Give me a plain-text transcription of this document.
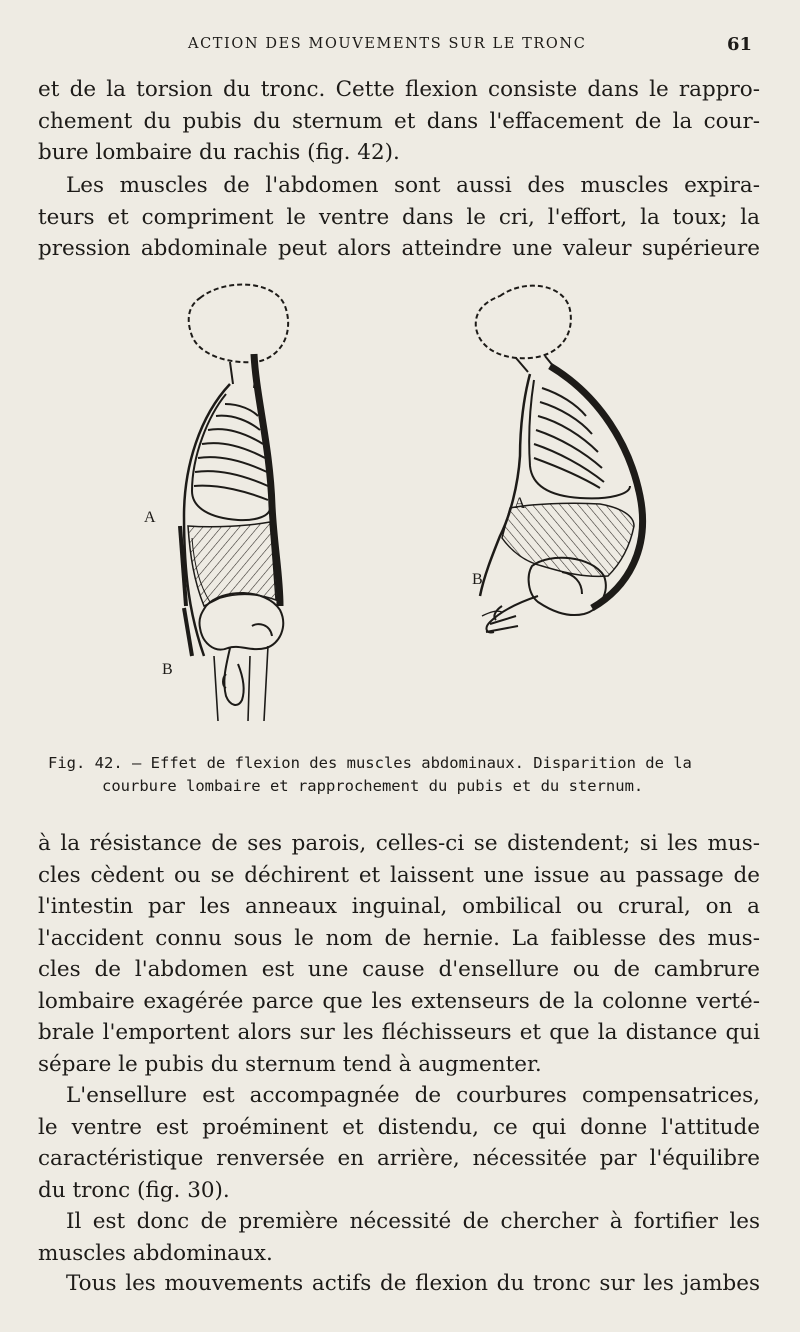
ACTION DES MOUVEMENTS SUR LE TRONC	61

et de la torsion du tronc. Cette flexion consiste dans le rappro-
chement du pubis du sternum et dans l'effacement de la cour-
bure lombaire du rachis (fig. 42).

Les muscles de l'abdomen sont aussi des muscles expira-
teurs et compriment le ventre dans le cri, l'effort, la toux; la
pression abdominale peut alors atteindre une valeur supérieure

A
B
A
B

Fig. 42. — Effet de flexion des muscles abdominaux. Disparition de la
courbure lombaire et rapprochement du pubis et du sternum.

à la résistance de ses parois, celles-ci se distendent; si les mus-
cles cèdent ou se déchirent et laissent une issue au passage de
l'intestin par les anneaux inguinal, ombilical ou crural, on a
l'accident connu sous le nom de hernie. La faiblesse des mus-
cles de l'abdomen est une cause d'ensellure ou de cambrure
lombaire exagérée parce que les extenseurs de la colonne verté-
brale l'emportent alors sur les fléchisseurs et que la distance qui
sépare le pubis du sternum tend à augmenter.

L'ensellure est accompagnée de courbures compensatrices,
le ventre est proéminent et distendu, ce qui donne l'attitude
caractéristique renversée en arrière, nécessitée par l'équilibre
du tronc (fig. 30).

Il est donc de première nécessité de chercher à fortifier les
muscles abdominaux.

Tous les mouvements actifs de flexion du tronc sur les jambes
